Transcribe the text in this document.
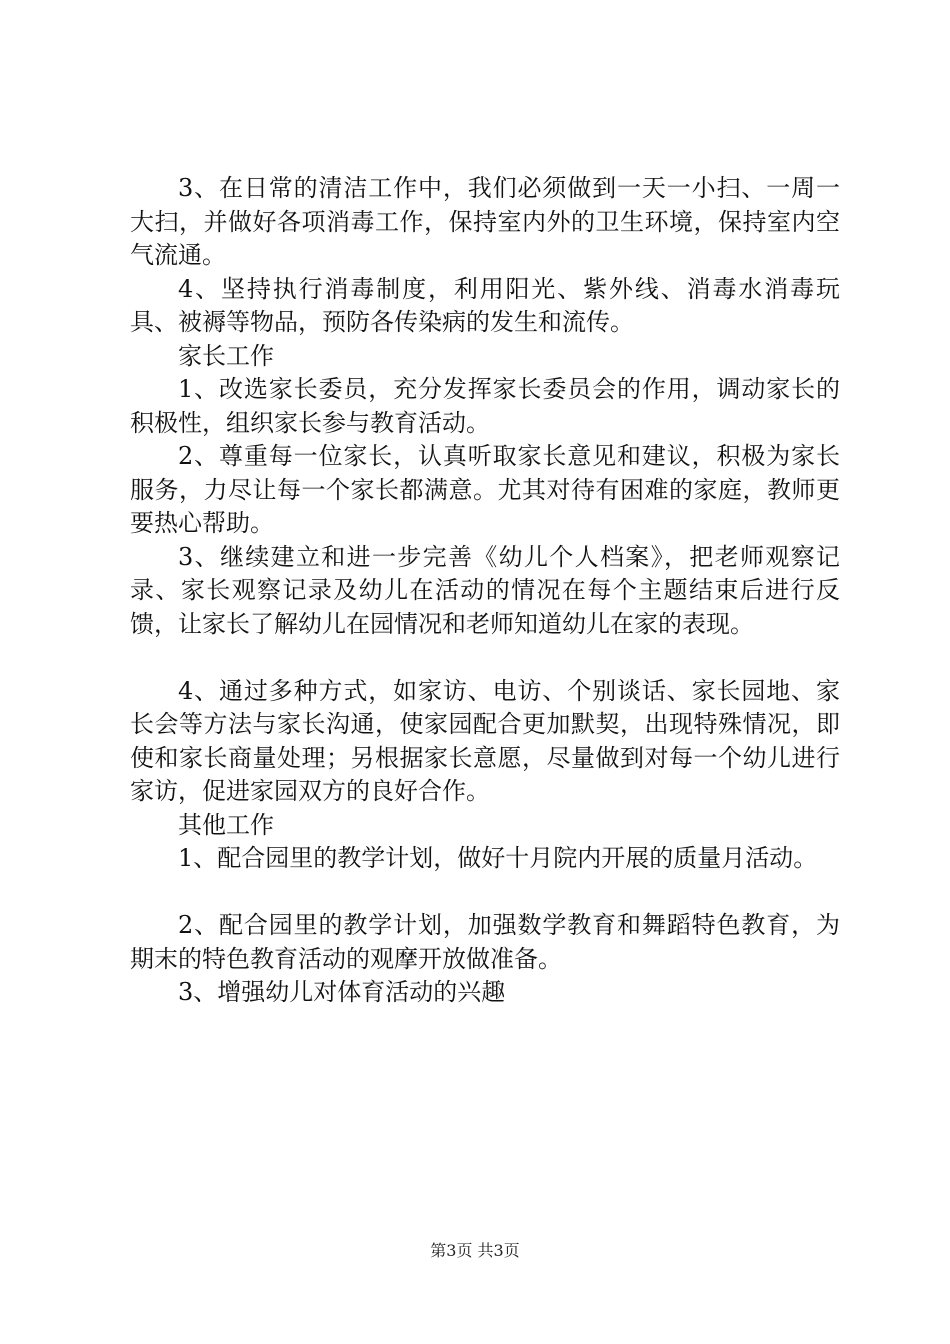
3、在日常的清洁工作中，我们必须做到一天一小扫、一周一大扫，并做好各项消毒工作，保持室内外的卫生环境，保持室内空气流通。

4、坚持执行消毒制度，利用阳光、紫外线、消毒水消毒玩具、被褥等物品，预防各传染病的发生和流传。

家长工作

1、改选家长委员，充分发挥家长委员会的作用，调动家长的积极性，组织家长参与教育活动。

2、尊重每一位家长，认真听取家长意见和建议，积极为家长服务，力尽让每一个家长都满意。尤其对待有困难的家庭，教师更要热心帮助。

3、继续建立和进一步完善《幼儿个人档案》，把老师观察记录、家长观察记录及幼儿在活动的情况在每个主题结束后进行反馈，让家长了解幼儿在园情况和老师知道幼儿在家的表现。

4、通过多种方式，如家访、电访、个别谈话、家长园地、家长会等方法与家长沟通，使家园配合更加默契，出现特殊情况，即使和家长商量处理；另根据家长意愿，尽量做到对每一个幼儿进行家访，促进家园双方的良好合作。

其他工作

1、配合园里的教学计划，做好十月院内开展的质量月活动。

2、配合园里的教学计划，加强数学教育和舞蹈特色教育，为期末的特色教育活动的观摩开放做准备。

3、增强幼儿对体育活动的兴趣

第3页 共3页
